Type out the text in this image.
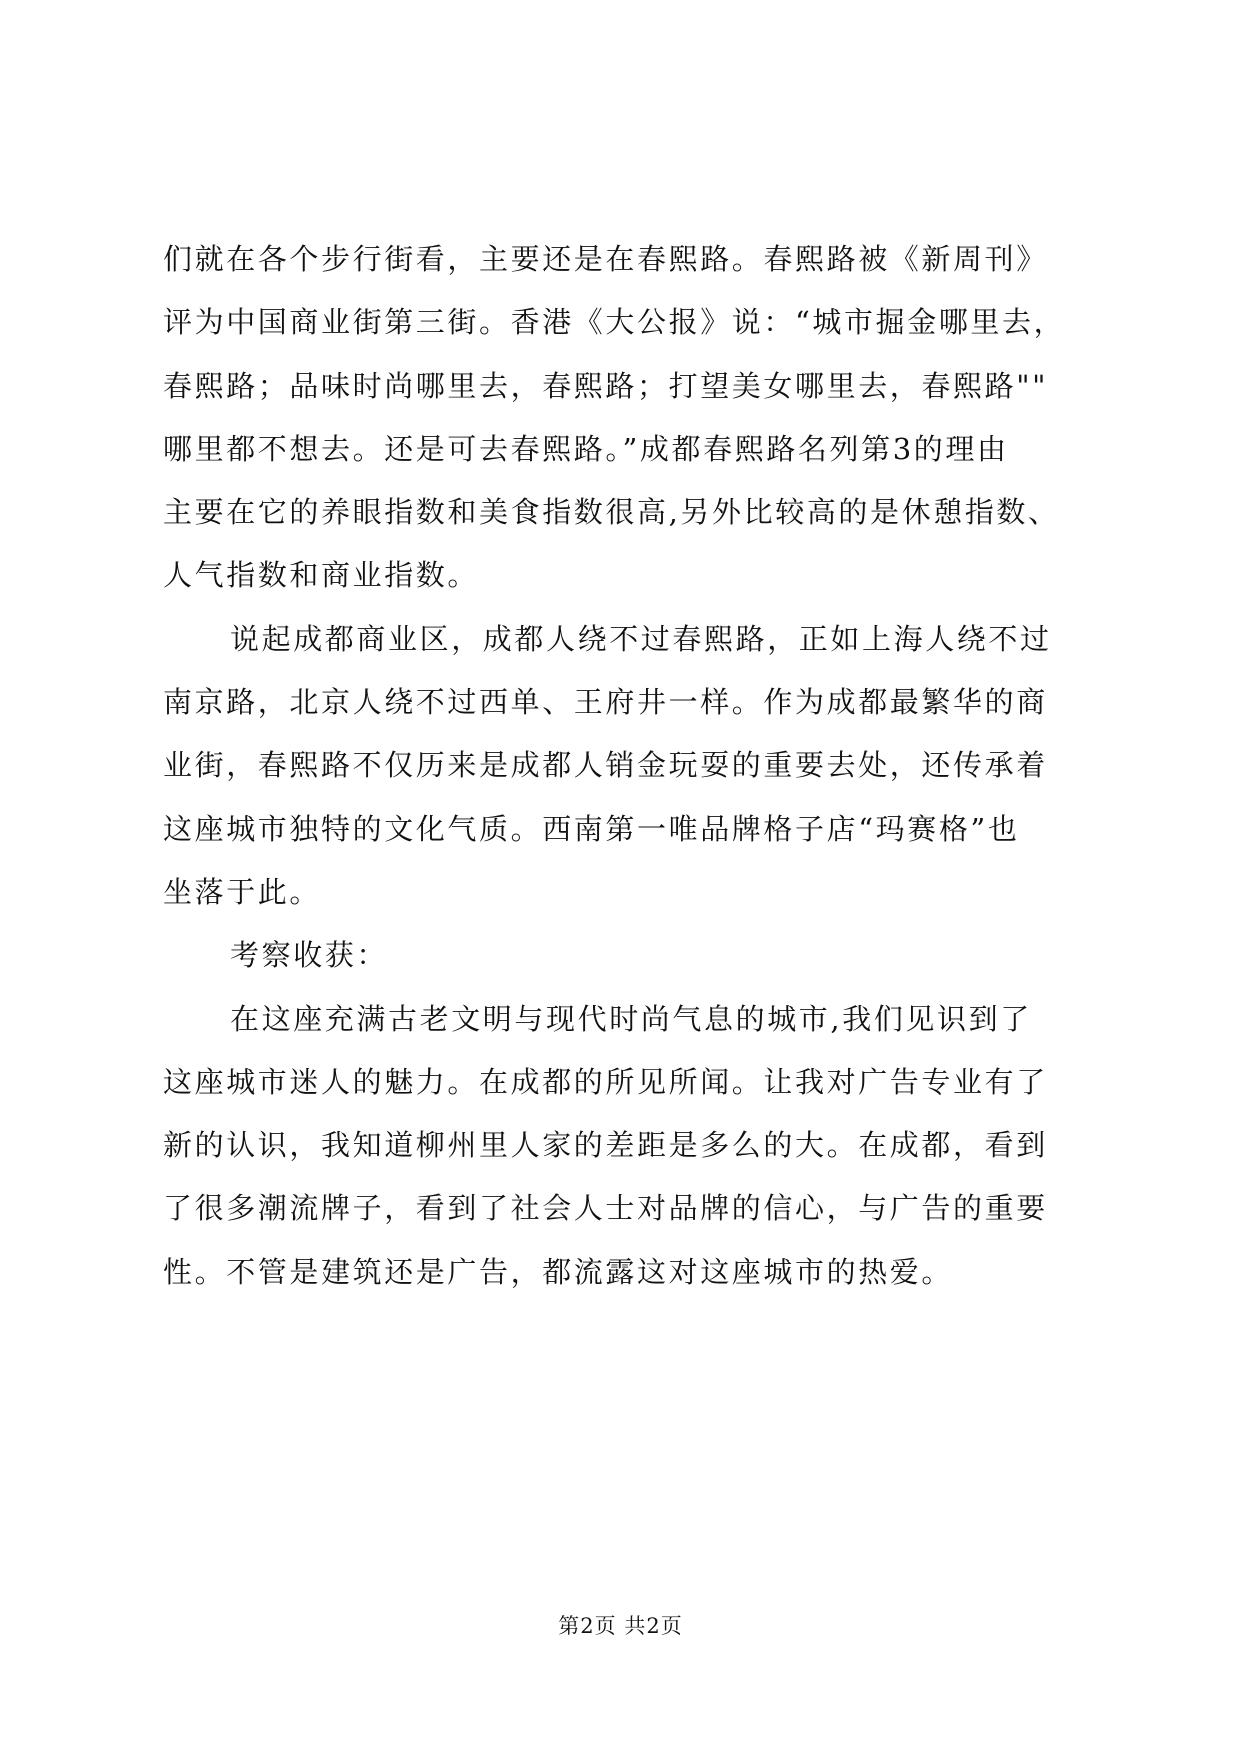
们就在各个步行街看，主要还是在春熙路。春熙路被《新周刊》
评为中国商业街第三街。香港《大公报》说：“城市掘金哪里去，
春熙路；品味时尚哪里去，春熙路；打望美女哪里去，春熙路""
哪里都不想去。还是可去春熙路。”成都春熙路名列第3的理由
主要在它的养眼指数和美食指数很高,另外比较高的是休憩指数、
人气指数和商业指数。
说起成都商业区，成都人绕不过春熙路，正如上海人绕不过
南京路，北京人绕不过西单、王府井一样。作为成都最繁华的商
业街，春熙路不仅历来是成都人销金玩耍的重要去处，还传承着
这座城市独特的文化气质。西南第一唯品牌格子店“玛赛格”也
坐落于此。
考察收获：
在这座充满古老文明与现代时尚气息的城市,我们见识到了
这座城市迷人的魅力。在成都的所见所闻。让我对广告专业有了
新的认识，我知道柳州里人家的差距是多么的大。在成都，看到
了很多潮流牌子，看到了社会人士对品牌的信心，与广告的重要
性。不管是建筑还是广告，都流露这对这座城市的热爱。
第2页 共2页
